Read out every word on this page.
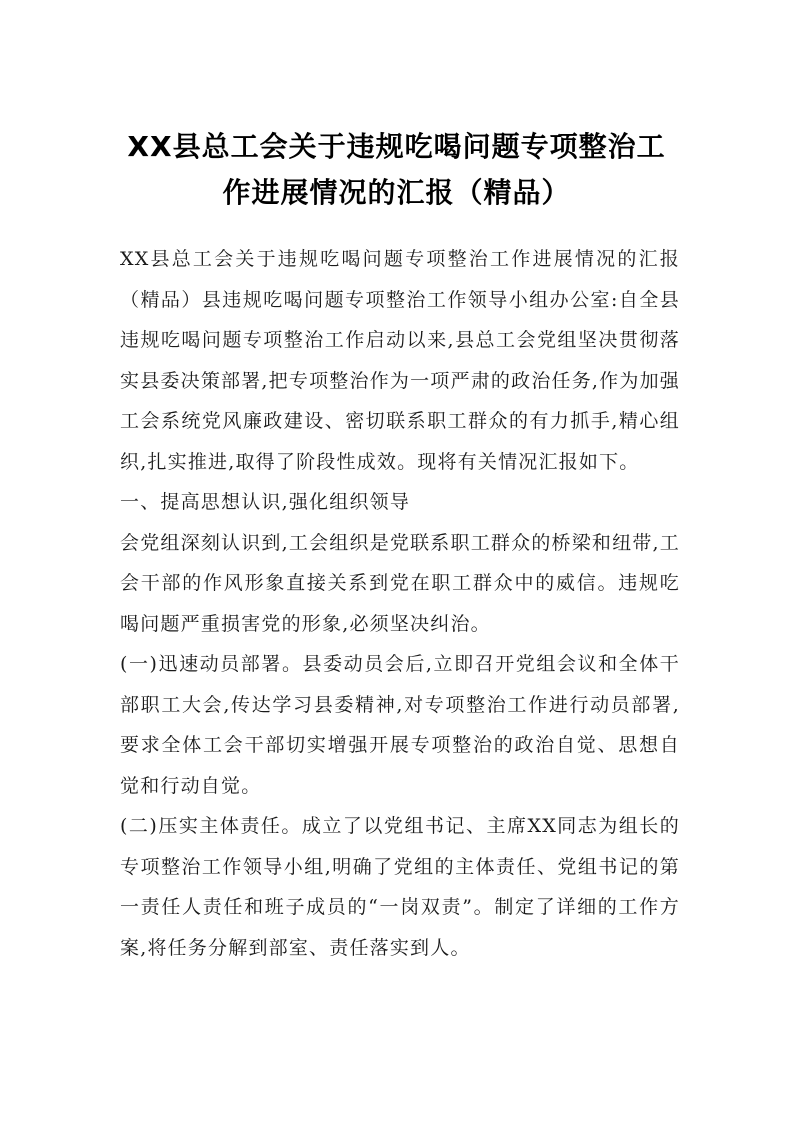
XX县总工会关于违规吃喝问题专项整治工
作进展情况的汇报（精品）

XX县总工会关于违规吃喝问题专项整治工作进展情况的汇报（精品）县违规吃喝问题专项整治工作领导小组办公室:自全县违规吃喝问题专项整治工作启动以来,县总工会党组坚决贯彻落实县委决策部署,把专项整治作为一项严肃的政治任务,作为加强工会系统党风廉政建设、密切联系职工群众的有力抓手,精心组织,扎实推进,取得了阶段性成效。现将有关情况汇报如下。

一、提高思想认识,强化组织领导

会党组深刻认识到,工会组织是党联系职工群众的桥梁和纽带,工会干部的作风形象直接关系到党在职工群众中的威信。违规吃喝问题严重损害党的形象,必须坚决纠治。

(一)迅速动员部署。县委动员会后,立即召开党组会议和全体干部职工大会,传达学习县委精神,对专项整治工作进行动员部署,要求全体工会干部切实增强开展专项整治的政治自觉、思想自觉和行动自觉。

(二)压实主体责任。成立了以党组书记、主席XX同志为组长的专项整治工作领导小组,明确了党组的主体责任、党组书记的第一责任人责任和班子成员的“一岗双责”。制定了详细的工作方案,将任务分解到部室、责任落实到人。
